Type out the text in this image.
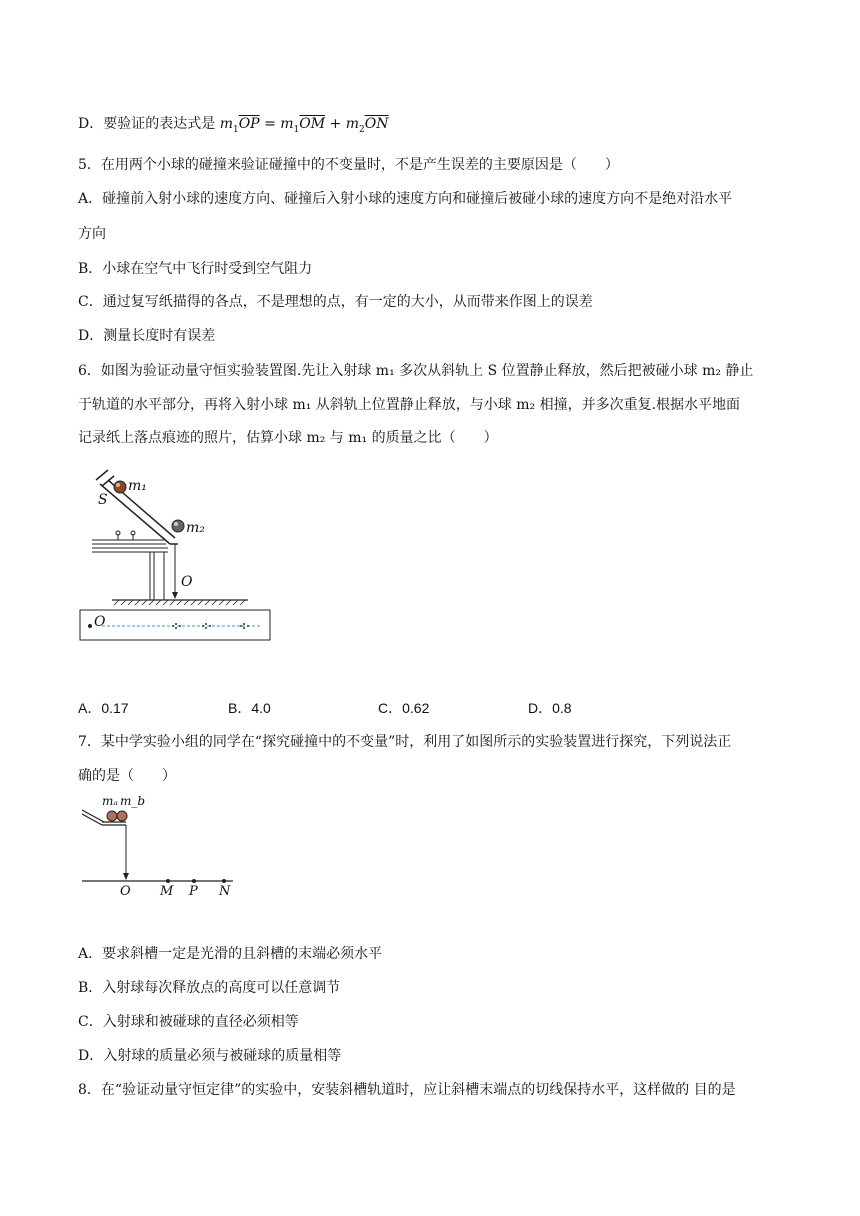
D．要验证的表达式是 $m_1\overline{OP} = m_1\overline{OM} + m_2\overline{ON}$
5．在用两个小球的碰撞来验证碰撞中的不变量时，不是产生误差的主要原因是（　　）
A．碰撞前入射小球的速度方向、碰撞后入射小球的速度方向和碰撞后被碰小球的速度方向不是绝对沿水平
方向
B．小球在空气中飞行时受到空气阻力
C．通过复写纸描得的各点，不是理想的点，有一定的大小，从而带来作图上的误差
D．测量长度时有误差
6．如图为验证动量守恒实验装置图.先让入射球 m₁ 多次从斜轨上 S 位置静止释放，然后把被碰小球 m₂ 静止
于轨道的水平部分，再将入射小球 m₁ 从斜轨上位置静止释放，与小球 m₂ 相撞，并多次重复.根据水平地面
记录纸上落点痕迹的照片，估算小球 m₂ 与 m₁ 的质量之比（　　）
S
m₁
m₂
O
O
A．0.17	B．4.0	C．0.62	D．0.8
7．某中学实验小组的同学在“探究碰撞中的不变量”时，利用了如图所示的实验装置进行探究，下列说法正
确的是（　　）
mₐ m_b
O M P N
A．要求斜槽一定是光滑的且斜槽的末端必须水平
B．入射球每次释放点的高度可以任意调节
C．入射球和被碰球的直径必须相等
D．入射球的质量必须与被碰球的质量相等
8．在“验证动量守恒定律”的实验中，安装斜槽轨道时，应让斜槽末端点的切线保持水平，这样做的 目的是
